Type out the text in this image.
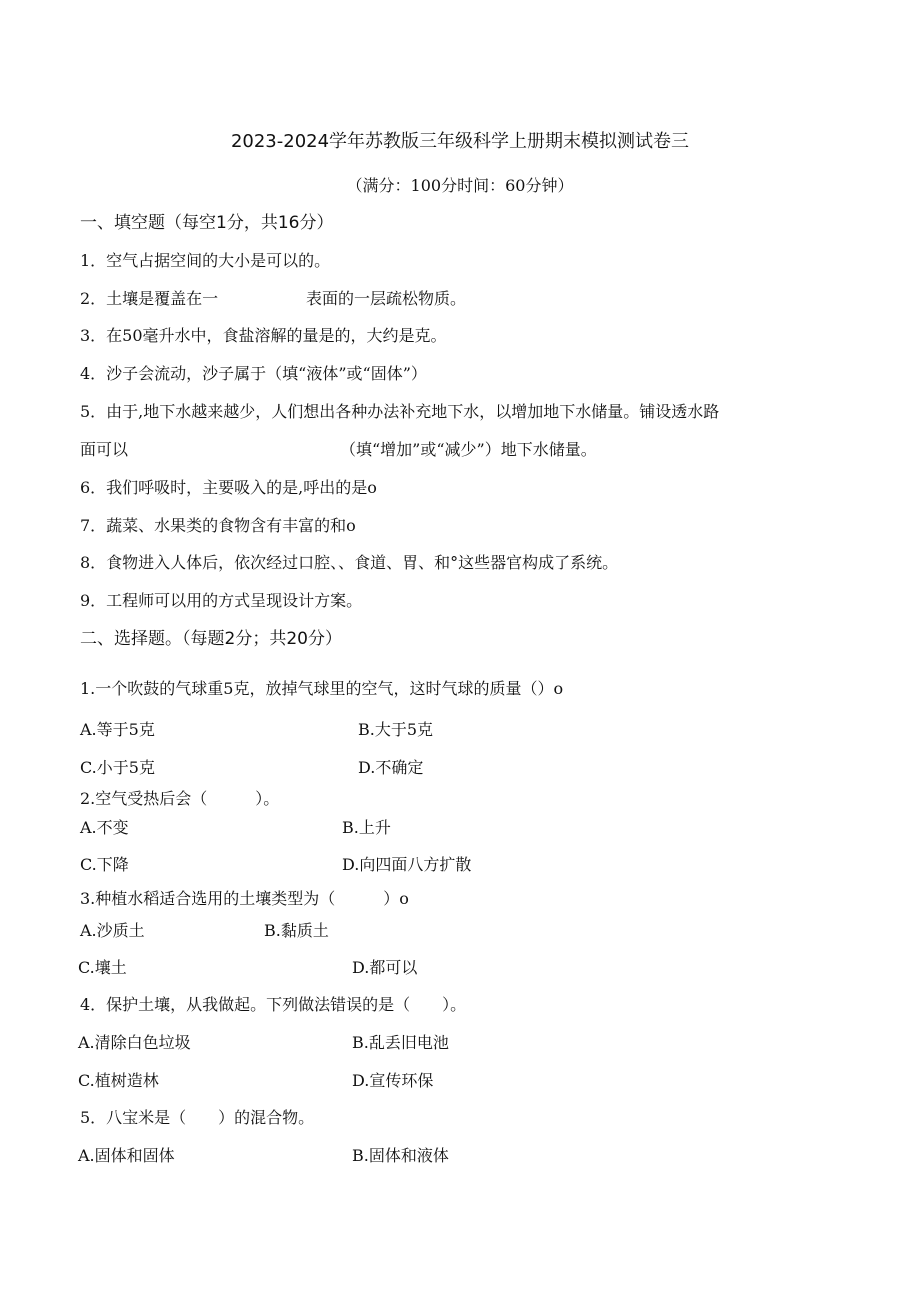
2023-2024学年苏教版三年级科学上册期末模拟测试卷三
（满分：100分时间：60分钟）
一、填空题（每空1分，共16分）
1．空气占据空间的大小是可以的。
2．土壤是覆盖在一	表面的一层疏松物质。
3．在50毫升水中，食盐溶解的量是的，大约是克。
4．沙子会流动，沙子属于（填“液体”或“固体”）
5．由于,地下水越来越少，人们想出各种办法补充地下水，以增加地下水储量。铺设透水路
面可以	（填“增加”或“减少”）地下水储量。
6．我们呼吸时，主要吸入的是,呼出的是o
7．蔬菜、水果类的食物含有丰富的和o
8．食物进入人体后，依次经过口腔、、食道、胃、和°这些器官构成了系统。
9．工程师可以用的方式呈现设计方案。
二、选择题。（每题2分；共20分）
1.一个吹鼓的气球重5克，放掉气球里的空气，这时气球的质量（）o
A.等于5克	B.大于5克
C.小于5克	D.不确定
2.空气受热后会（　　　）。
A.不变	B.上升
C.下降	D.向四面八方扩散
3.种植水稻适合选用的土壤类型为（　　　）o
A.沙质土	B.黏质土
C.壤土	D.都可以
4．保护土壤，从我做起。下列做法错误的是（　　）。
A.清除白色垃圾	B.乱丢旧电池
C.植树造林	D.宣传环保
5．八宝米是（　　）的混合物。
A.固体和固体	B.固体和液体
